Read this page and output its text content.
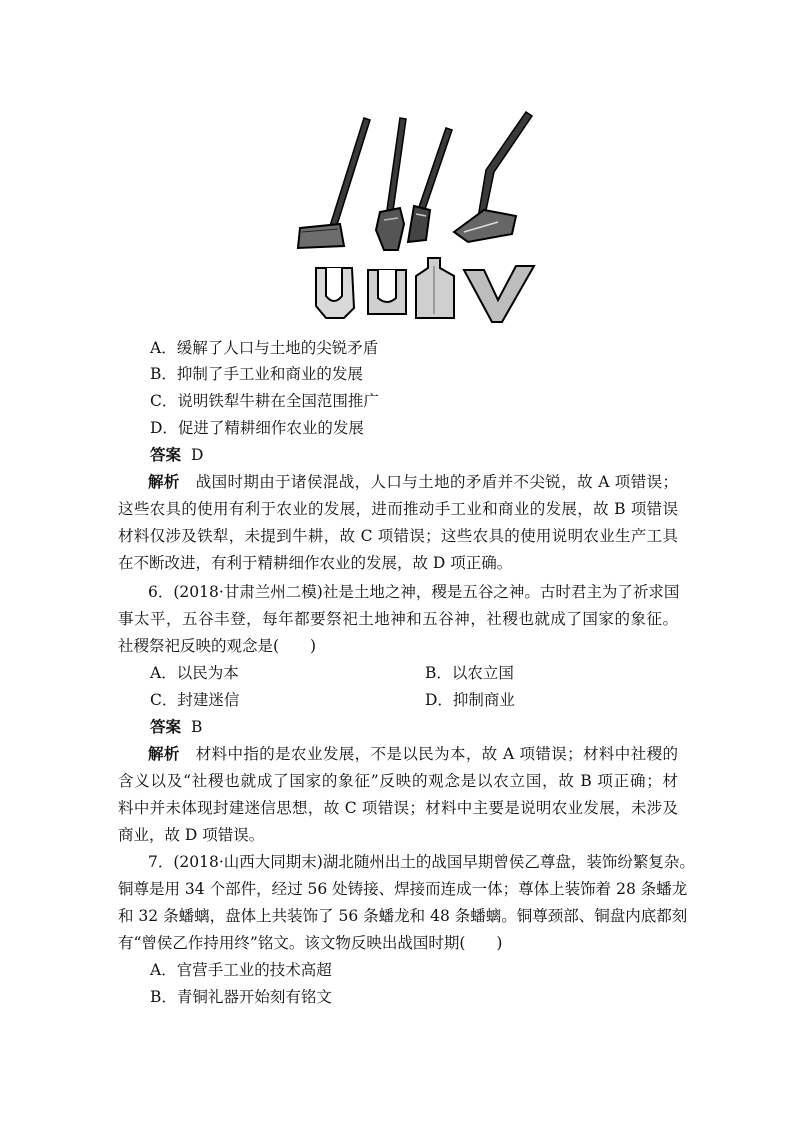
A．缓解了人口与土地的尖锐矛盾
B．抑制了手工业和商业的发展
C．说明铁犁牛耕在全国范围推广
D．促进了精耕细作农业的发展
答案 D
解析　 战国时期由于诸侯混战，人口与土地的矛盾并不尖锐，故 A 项错误；
这些农具的使用有利于农业的发展，进而推动手工业和商业的发展，故 B 项错误
材料仅涉及铁犁，未提到牛耕，故 C 项错误；这些农具的使用说明农业生产工具
在不断改进，有利于精耕细作农业的发展，故 D 项正确。
6．(2018·甘肃兰州二模)社是土地之神，稷是五谷之神。古时君主为了祈求国
事太平，五谷丰登，每年都要祭祀土地神和五谷神，社稷也就成了国家的象征。
社稷祭祀反映的观念是(　　)
A．以民为本	B．以农立国
C．封建迷信	D．抑制商业
答案 B
解析　 材料中指的是农业发展，不是以民为本，故 A 项错误；材料中社稷的
含义以及“社稷也就成了国家的象征”反映的观念是以农立国，故 B 项正确；材
料中并未体现封建迷信思想，故 C 项错误；材料中主要是说明农业发展，未涉及
商业，故 D 项错误。
7．(2018·山西大同期末)湖北随州出土的战国早期曾侯乙尊盘，装饰纷繁复杂。
铜尊是用 34 个部件，经过 56 处铸接、焊接而连成一体；尊体上装饰着 28 条蟠龙
和 32 条蟠螭，盘体上共装饰了 56 条蟠龙和 48 条蟠螭。铜尊颈部、铜盘内底都刻
有“曾侯乙作持用终”铭文。该文物反映出战国时期(　　)
A．官营手工业的技术高超
B．青铜礼器开始刻有铭文
